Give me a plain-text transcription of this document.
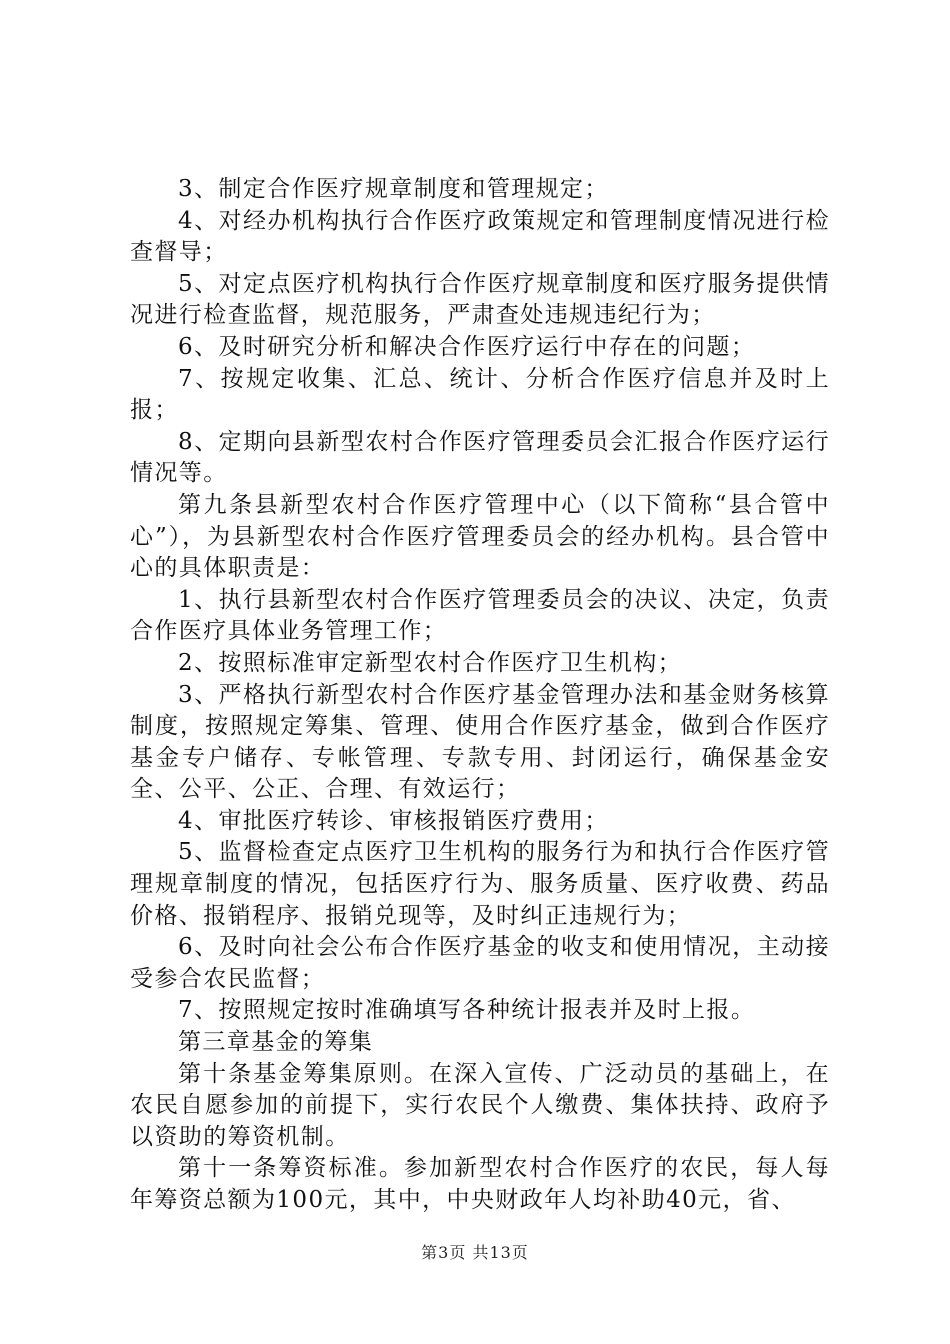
3、制定合作医疗规章制度和管理规定；

4、对经办机构执行合作医疗政策规定和管理制度情况进行检查督导；

5、对定点医疗机构执行合作医疗规章制度和医疗服务提供情况进行检查监督，规范服务，严肃查处违规违纪行为；

6、及时研究分析和解决合作医疗运行中存在的问题；

7、按规定收集、汇总、统计、分析合作医疗信息并及时上报；

8、定期向县新型农村合作医疗管理委员会汇报合作医疗运行情况等。

第九条县新型农村合作医疗管理中心（以下简称“县合管中心”），为县新型农村合作医疗管理委员会的经办机构。县合管中心的具体职责是：

1、执行县新型农村合作医疗管理委员会的决议、决定，负责合作医疗具体业务管理工作；

2、按照标准审定新型农村合作医疗卫生机构；

3、严格执行新型农村合作医疗基金管理办法和基金财务核算制度，按照规定筹集、管理、使用合作医疗基金，做到合作医疗基金专户储存、专帐管理、专款专用、封闭运行，确保基金安全、公平、公正、合理、有效运行；

4、审批医疗转诊、审核报销医疗费用；

5、监督检查定点医疗卫生机构的服务行为和执行合作医疗管理规章制度的情况，包括医疗行为、服务质量、医疗收费、药品价格、报销程序、报销兑现等，及时纠正违规行为；

6、及时向社会公布合作医疗基金的收支和使用情况，主动接受参合农民监督；

7、按照规定按时准确填写各种统计报表并及时上报。

第三章基金的筹集

第十条基金筹集原则。在深入宣传、广泛动员的基础上，在农民自愿参加的前提下，实行农民个人缴费、集体扶持、政府予以资助的筹资机制。

第十一条筹资标准。参加新型农村合作医疗的农民，每人每年筹资总额为100元，其中，中央财政年人均补助40元，省、

第3页 共13页
